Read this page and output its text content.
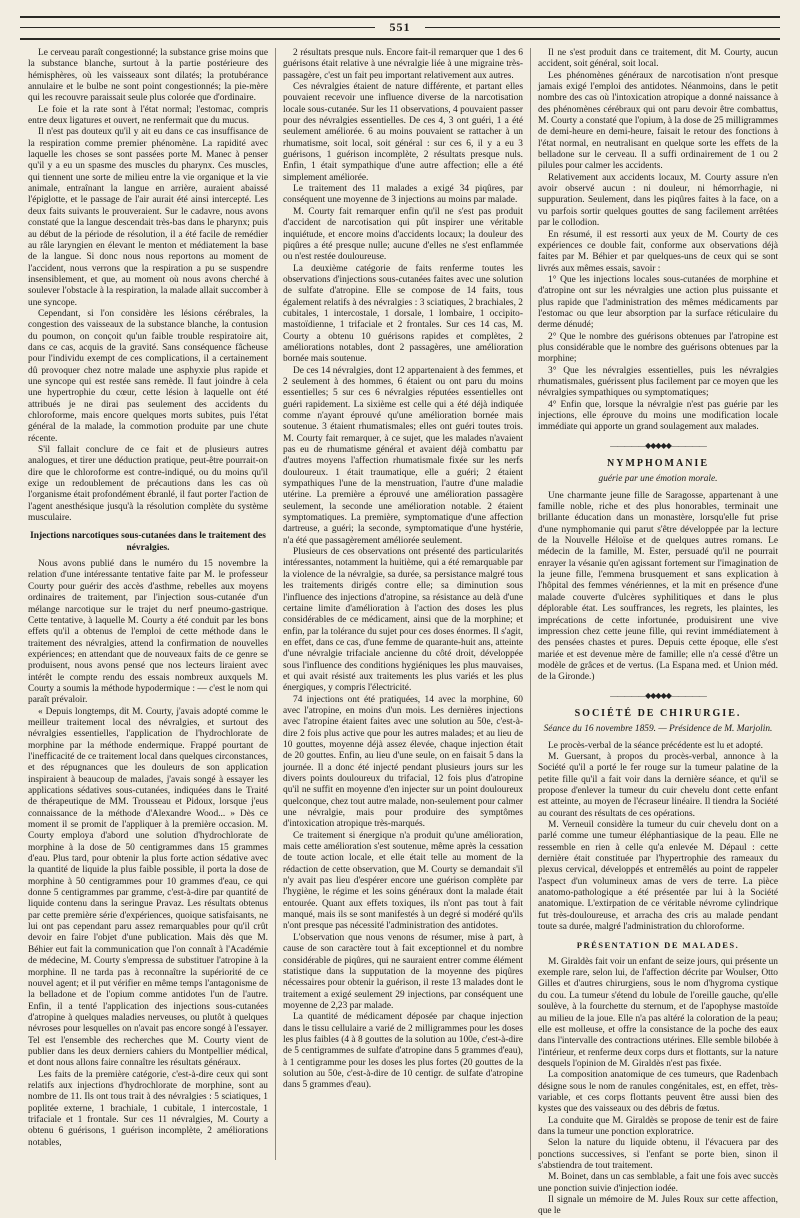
551

Le cerveau paraît congestionné; la substance grise moins que la substance blanche, surtout à la partie postérieure des hémisphères, où les vaisseaux sont dilatés; la protubérance annulaire et le bulbe ne sont point congestionnés; la pie-mère qui les recouvre paraissait seule plus colorée que d'ordinaire.

Le foie et la rate sont à l'état normal; l'estomac, compris entre deux ligatures et ouvert, ne renfermait que du mucus.

Il n'est pas douteux qu'il y ait eu dans ce cas insuffisance de la respiration comme premier phénomène. La rapidité avec laquelle les choses se sont passées porte M. Manec à penser qu'il y a eu un spasme des muscles du pharynx. Ces muscles, qui tiennent une sorte de milieu entre la vie organique et la vie animale, entraînant la langue en arrière, auraient abaissé l'épiglotte, et le passage de l'air aurait été ainsi intercepté. Les deux faits suivants le prouveraient. Sur le cadavre, nous avons constaté que la langue descendait très-bas dans le pharynx; puis au début de la période de résolution, il a été facile de remédier au râle laryngien en élevant le menton et médiatement la base de la langue. Si donc nous nous reportons au moment de l'accident, nous verrons que la respiration a pu se suspendre insensiblement, et que, au moment où nous avons cherché à soulever l'obstacle à la respiration, la malade allait succomber à une syncope.

Cependant, si l'on considère les lésions cérébrales, la congestion des vaisseaux de la substance blanche, la contusion du poumon, on conçoit qu'un faible trouble respiratoire ait, dans ce cas, acquis de la gravité. Sans conséquence fâcheuse pour l'individu exempt de ces complications, il a certainement dû provoquer chez notre malade une asphyxie plus rapide et une syncope qui est restée sans remède. Il faut joindre à cela une hypertrophie du cœur, cette lésion à laquelle ont été attribués je ne dirai pas seulement des accidents du chloroforme, mais encore quelques morts subites, puis l'état général de la malade, la commotion produite par une chute récente.

S'il fallait conclure de ce fait et de plusieurs autres analogues, et tirer une déduction pratique, peut-être pourrait-on dire que le chloroforme est contre-indiqué, ou du moins qu'il exige un redoublement de précautions dans les cas où l'organisme était profondément ébranlé, il faut porter l'action de l'agent anesthésique jusqu'à la résolution complète du système musculaire.

Injections narcotiques sous-cutanées dans le traitement des névralgies.

Nous avons publié dans le numéro du 15 novembre la relation d'une intéressante tentative faite par M. le professeur Courty pour guérir des accès d'asthme, rebelles aux moyens ordinaires de traitement, par l'injection sous-cutanée d'un mélange narcotique sur le trajet du nerf pneumo-gastrique. Cette tentative, à laquelle M. Courty a été conduit par les bons effets qu'il a obtenus de l'emploi de cette méthode dans le traitement des névralgies, attend la confirmation de nouvelles expériences; en attendant que de nouveaux faits de ce genre se produisent, nous avons pensé que nos lecteurs liraient avec intérêt le compte rendu des essais nombreux auxquels M. Courty a soumis la méthode hypodermique : — c'est le nom qui paraît prévaloir.

« Depuis longtemps, dit M. Courty, j'avais adopté comme le meilleur traitement local des névralgies, et surtout des névralgies essentielles, l'application de l'hydrochlorate de morphine par la méthode endermique. Frappé pourtant de l'inefficacité de ce traitement local dans quelques circonstances, et des répugnances que les douleurs de son application inspiraient à beaucoup de malades, j'avais songé à essayer les applications sédatives sous-cutanées, indiquées dans le Traité de thérapeutique de MM. Trousseau et Pidoux, lorsque j'eus connaissance de la méthode d'Alexandre Wood... » Dès ce moment il se promit de l'appliquer à la première occasion. M. Courty employa d'abord une solution d'hydrochlorate de morphine à la dose de 50 centigrammes dans 15 grammes d'eau. Plus tard, pour obtenir la plus forte action sédative avec la quantité de liquide la plus faible possible, il porta la dose de morphine à 50 centigrammes pour 10 grammes d'eau, ce qui donne 5 centigrammes par gramme, c'est-à-dire par quantité de liquide contenu dans la seringue Pravaz. Les résultats obtenus par cette première série d'expériences, quoique satisfaisants, ne lui ont pas cependant paru assez remarquables pour qu'il crût devoir en faire l'objet d'une publication. Mais dès que M. Béhier eut fait la communication que l'on connaît à l'Académie de médecine, M. Courty s'empressa de substituer l'atropine à la morphine. Il ne tarda pas à reconnaître la supériorité de ce nouvel agent; et il put vérifier en même temps l'antagonisme de la belladone et de l'opium comme antidotes l'un de l'autre. Enfin, il a tenté l'application des injections sous-cutanées d'atropine à quelques maladies nerveuses, ou plutôt à quelques névroses pour lesquelles on n'avait pas encore songé à l'essayer. Tel est l'ensemble des recherches que M. Courty vient de publier dans les deux derniers cahiers du Montpellier médical, et dont nous allons faire connaître les résultats généraux.

Les faits de la première catégorie, c'est-à-dire ceux qui sont relatifs aux injections d'hydrochlorate de morphine, sont au nombre de 11. Ils ont tous trait à des névralgies : 5 sciatiques, 1 poplitée externe, 1 brachiale, 1 cubitale, 1 intercostale, 1 trifaciale et 1 frontale. Sur ces 11 névralgies, M. Courty a obtenu 6 guérisons, 1 guérison incomplète, 2 améliorations notables,

2 résultats presque nuls. Encore fait-il remarquer que 1 des 6 guérisons était relative à une névralgie liée à une migraine très-passagère, c'est un fait peu important relativement aux autres.

Ces névralgies étaient de nature différente, et partant elles pouvaient recevoir une influence diverse de la narcotisation locale sous-cutanée. Sur les 11 observations, 4 pouvaient passer pour des névralgies essentielles. De ces 4, 3 ont guéri, 1 a été seulement améliorée. 6 au moins pouvaient se rattacher à un rhumatisme, soit local, soit général : sur ces 6, il y a eu 3 guérisons, 1 guérison incomplète, 2 résultats presque nuls. Enfin, 1 était sympathique d'une autre affection; elle a été simplement améliorée.

Le traitement des 11 malades a exigé 34 piqûres, par conséquent une moyenne de 3 injections au moins par malade.

M. Courty fait remarquer enfin qu'il ne s'est pas produit d'accident de narcotisation qui pût inspirer une véritable inquiétude, et encore moins d'accidents locaux; la douleur des piqûres a été presque nulle; aucune d'elles ne s'est enflammée ou n'est restée douloureuse.

La deuxième catégorie de faits renferme toutes les observations d'injections sous-cutanées faites avec une solution de sulfate d'atropine. Elle se compose de 14 faits, tous également relatifs à des névralgies : 3 sciatiques, 2 brachiales, 2 cubitales, 1 intercostale, 1 dorsale, 1 lombaire, 1 occipito-mastoïdienne, 1 trifaciale et 2 frontales. Sur ces 14 cas, M. Courty a obtenu 10 guérisons rapides et complètes, 2 améliorations notables, dont 2 passagères, une amélioration bornée mais soutenue.

De ces 14 névralgies, dont 12 appartenaient à des femmes, et 2 seulement à des hommes, 6 étaient ou ont paru du moins essentielles; 5 sur ces 6 névralgies réputées essentielles ont guéri rapidement. La sixième est celle qui a été déjà indiquée comme n'ayant éprouvé qu'une amélioration bornée mais soutenue. 3 étaient rhumatismales; elles ont guéri toutes trois. M. Courty fait remarquer, à ce sujet, que les malades n'avaient pas eu de rhumatisme général et avaient déjà combattu par d'autres moyens l'affection rhumatismale fixée sur les nerfs douloureux. 1 était traumatique, elle a guéri; 2 étaient sympathiques l'une de la menstruation, l'autre d'une maladie utérine. La première a éprouvé une amélioration passagère seulement, la seconde une amélioration notable. 2 étaient symptomatiques. La première, symptomatique d'une affection dartreuse, a guéri; la seconde, symptomatique d'une hystérie, n'a été que passagèrement améliorée seulement.

Plusieurs de ces observations ont présenté des particularités intéressantes, notamment la huitième, qui a été remarquable par la violence de la névralgie, sa durée, sa persistance malgré tous les traitements dirigés contre elle; sa diminution sous l'influence des injections d'atropine, sa résistance au delà d'une certaine limite d'amélioration à l'action des doses les plus considérables de ce médicament, ainsi que de la morphine; et enfin, par la tolérance du sujet pour ces doses énormes. Il s'agit, en effet, dans ce cas, d'une femme de quarante-huit ans, atteinte d'une névralgie trifaciale ancienne du côté droit, développée sous l'influence des conditions hygiéniques les plus mauvaises, et qui avait résisté aux traitements les plus variés et les plus énergiques, y compris l'électricité.

74 injections ont été pratiquées, 14 avec la morphine, 60 avec l'atropine, en moins d'un mois. Les dernières injections avec l'atropine étaient faites avec une solution au 50e, c'est-à-dire 2 fois plus active que pour les autres malades; et au lieu de 10 gouttes, moyenne déjà assez élevée, chaque injection était de 20 gouttes. Enfin, au lieu d'une seule, on en faisait 5 dans la journée. Il a donc été injecté pendant plusieurs jours sur les divers points douloureux du trifacial, 12 fois plus d'atropine qu'il ne suffit en moyenne d'en injecter sur un point douloureux quelconque, chez tout autre malade, non-seulement pour calmer une névralgie, mais pour produire des symptômes d'intoxication atropique très-marqués.

Ce traitement si énergique n'a produit qu'une amélioration, mais cette amélioration s'est soutenue, même après la cessation de toute action locale, et elle était telle au moment de la rédaction de cette observation, que M. Courty se demandait s'il n'y avait pas lieu d'espérer encore une guérison complète par l'hygiène, le régime et les soins généraux dont la malade était entourée. Quant aux effets toxiques, ils n'ont pas tout à fait manqué, mais ils se sont manifestés à un degré si modéré qu'ils n'ont presque pas nécessité l'administration des antidotes.

L'observation que nous venons de résumer, mise à part, à cause de son caractère tout à fait exceptionnel et du nombre considérable de piqûres, qui ne sauraient entrer comme élément statistique dans la supputation de la moyenne des piqûres nécessaires pour obtenir la guérison, il reste 13 malades dont le traitement a exigé seulement 29 injections, par conséquent une moyenne de 2,23 par malade.

La quantité de médicament déposée par chaque injection dans le tissu cellulaire a varié de 2 milligrammes pour les doses les plus faibles (4 à 8 gouttes de la solution au 100e, c'est-à-dire de 5 centigrammes de sulfate d'atropine dans 5 grammes d'eau), à 1 centigramme pour les doses les plus fortes (20 gouttes de la solution au 50e, c'est-à-dire de 10 centigr. de sulfate d'atropine dans 5 grammes d'eau).

Il ne s'est produit dans ce traitement, dit M. Courty, aucun accident, soit général, soit local.

Les phénomènes généraux de narcotisation n'ont presque jamais exigé l'emploi des antidotes. Néanmoins, dans le petit nombre des cas où l'intoxication atropique a donné naissance à des phénomènes cérébraux qui ont paru devoir être combattus, M. Courty a constaté que l'opium, à la dose de 25 milligrammes de demi-heure en demi-heure, faisait le retour des fonctions à l'état normal, en neutralisant en quelque sorte les effets de la belladone sur le cerveau. Il a suffi ordinairement de 1 ou 2 pilules pour calmer les accidents.

Relativement aux accidents locaux, M. Courty assure n'en avoir observé aucun : ni douleur, ni hémorrhagie, ni suppuration. Seulement, dans les piqûres faites à la face, on a vu parfois sortir quelques gouttes de sang facilement arrêtées par le collodion.

En résumé, il est ressorti aux yeux de M. Courty de ces expériences ce double fait, conforme aux observations déjà faites par M. Béhier et par quelques-uns de ceux qui se sont livrés aux mêmes essais, savoir :

1° Que les injections locales sous-cutanées de morphine et d'atropine ont sur les névralgies une action plus puissante et plus rapide que l'administration des mêmes médicaments par l'estomac ou que leur absorption par la surface réticulaire du derme dénudé;

2° Que le nombre des guérisons obtenues par l'atropine est plus considérable que le nombre des guérisons obtenues par la morphine;

3° Que les névralgies essentielles, puis les névralgies rhumatismales, guérissent plus facilement par ce moyen que les névralgies sympathiques ou symptomatiques;

4° Enfin que, lorsque la névralgie n'est pas guérie par les injections, elle éprouve du moins une modification locale immédiate qui apporte un grand soulagement aux malades.

—————◆◆◆◆◆—————

NYMPHOMANIE

guérie par une émotion morale.

Une charmante jeune fille de Saragosse, appartenant à une famille noble, riche et des plus honorables, terminait une brillante éducation dans un monastère, lorsqu'elle fut prise d'une nymphomanie qui parut s'être développée par la lecture de la Nouvelle Héloïse et de quelques autres romans. Le médecin de la famille, M. Ester, persuadé qu'il ne pourrait enrayer la vésanie qu'en agissant fortement sur l'imagination de la jeune fille, l'emmena brusquement et sans explication à l'hôpital des femmes vénériennes, et la mit en présence d'une malade couverte d'ulcères syphilitiques et dans le plus déplorable état. Les souffrances, les regrets, les plaintes, les imprécations de cette infortunée, produisirent une vive impression chez cette jeune fille, qui revint immédiatement à des pensées chastes et pures. Depuis cette époque, elle s'est mariée et est devenue mère de famille; elle n'a cessé d'être un modèle de grâces et de vertus. (La Espana med. et Union méd. de la Gironde.)

—————◆◆◆◆◆—————

SOCIÉTÉ DE CHIRURGIE.

Séance du 16 novembre 1859. — Présidence de M. Marjolin.

Le procès-verbal de la séance précédente est lu et adopté.

M. Guersant, à propos du procès-verbal, annonce à la Société qu'il a porté le fer rouge sur la tumeur palatine de la petite fille qu'il a fait voir dans la dernière séance, et qu'il se propose d'enlever la tumeur du cuir chevelu dont cette enfant est atteinte, au moyen de l'écraseur linéaire. Il tiendra la Société au courant des résultats de ces opérations.

M. Verneuil considère la tumeur du cuir chevelu dont on a parlé comme une tumeur éléphantiasique de la peau. Elle ne ressemble en rien à celle qu'a enlevée M. Dépaul : cette dernière était constituée par l'hypertrophie des rameaux du plexus cervical, développés et entremêlés au point de rappeler l'aspect d'un volumineux amas de vers de terre. La pièce anatomo-pathologique a été présentée par lui à la Société anatomique. L'extirpation de ce véritable névrome cylindrique fut très-douloureuse, et arracha des cris au malade pendant toute sa durée, malgré l'administration du chloroforme.

PRÉSENTATION DE MALADES.

M. Giraldès fait voir un enfant de seize jours, qui présente un exemple rare, selon lui, de l'affection décrite par Woulser, Otto Gilles et d'autres chirurgiens, sous le nom d'hygroma cystique du cou. La tumeur s'étend du lobule de l'oreille gauche, qu'elle soulève, à la fourchette du sternum, et de l'apophyse mastoïde au milieu de la joue. Elle n'a pas altéré la coloration de la peau; elle est molleuse, et offre la consistance de la poche des eaux dans l'intervalle des contractions utérines. Elle semble bilobée à l'intérieur, et renferme deux corps durs et flottants, sur la nature desquels l'opinion de M. Giraldès n'est pas fixée.

La composition anatomique de ces tumeurs, que Radenbach désigne sous le nom de ranules congénitales, est, en effet, très-variable, et ces corps flottants peuvent être aussi bien des kystes que des vaisseaux ou des débris de fœtus.

La conduite que M. Giraldès se propose de tenir est de faire dans la tumeur une ponction exploratrice.

Selon la nature du liquide obtenu, il l'évacuera par des ponctions successives, si l'enfant se porte bien, sinon il s'abstiendra de tout traitement.

M. Boinet, dans un cas semblable, a fait une fois avec succès une ponction suivie d'injection iodée.

Il signale un mémoire de M. Jules Roux sur cette affection, que le
